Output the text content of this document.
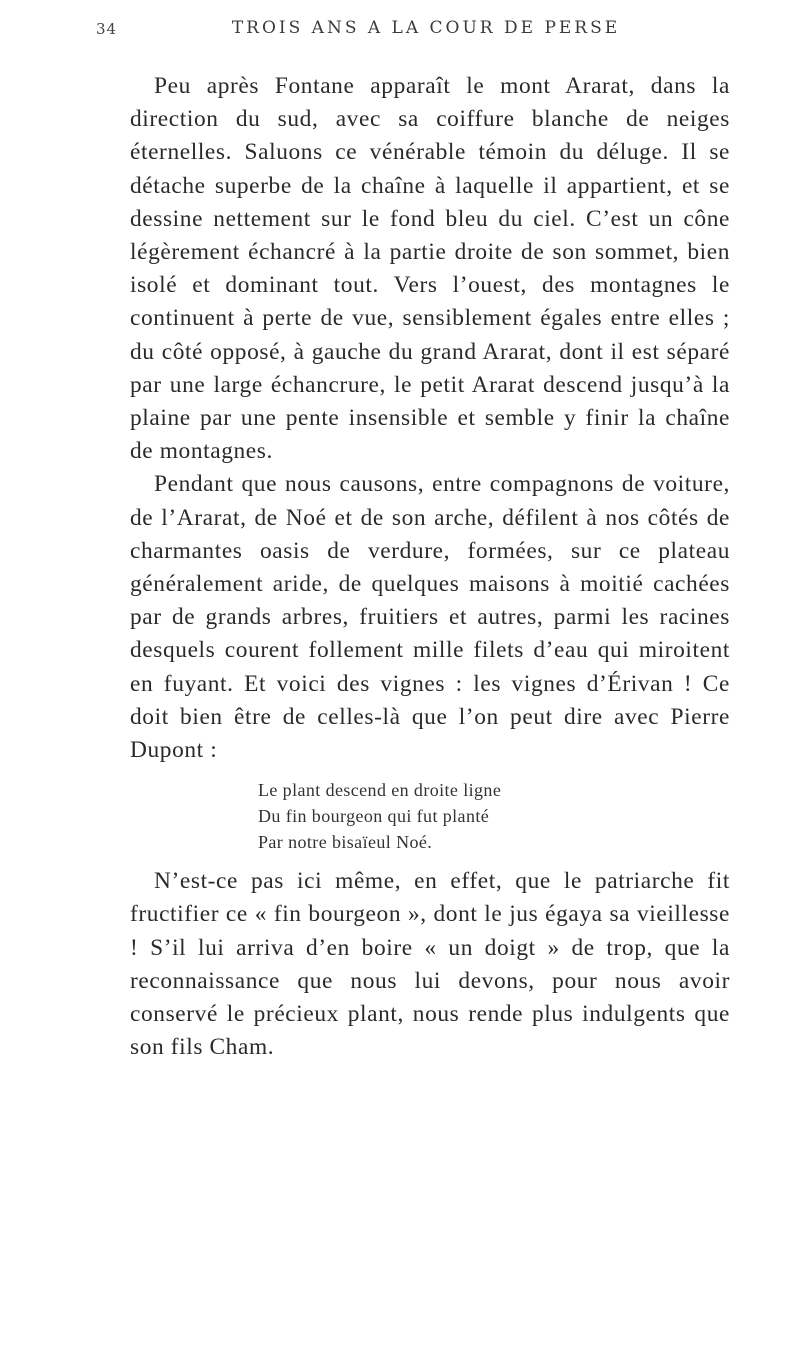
34	TROIS ANS A LA COUR DE PERSE

Peu après Fontane apparaît le mont Ararat, dans la direction du sud, avec sa coiffure blanche de neiges éternelles. Saluons ce vénérable témoin du déluge. Il se détache superbe de la chaîne à laquelle il appartient, et se dessine nettement sur le fond bleu du ciel. C’est un cône légèrement échancré à la partie droite de son sommet, bien isolé et dominant tout. Vers l’ouest, des montagnes le continuent à perte de vue, sensiblement égales entre elles ; du côté opposé, à gauche du grand Ararat, dont il est séparé par une large échancrure, le petit Ararat descend jusqu’à la plaine par une pente insensible et semble y finir la chaîne de montagnes.

Pendant que nous causons, entre compagnons de voiture, de l’Ararat, de Noé et de son arche, défilent à nos côtés de charmantes oasis de verdure, formées, sur ce plateau généralement aride, de quelques maisons à moitié cachées par de grands arbres, fruitiers et autres, parmi les racines desquels courent follement mille filets d’eau qui miroitent en fuyant. Et voici des vignes : les vignes d’Érivan ! Ce doit bien être de celles-là que l’on peut dire avec Pierre Dupont :

Le plant descend en droite ligne
Du fin bourgeon qui fut planté
Par notre bisaïeul Noé.

N’est-ce pas ici même, en effet, que le patriarche fit fructifier ce « fin bourgeon », dont le jus égaya sa vieillesse ! S’il lui arriva d’en boire « un doigt » de trop, que la reconnaissance que nous lui devons, pour nous avoir conservé le précieux plant, nous rende plus indulgents que son fils Cham.
